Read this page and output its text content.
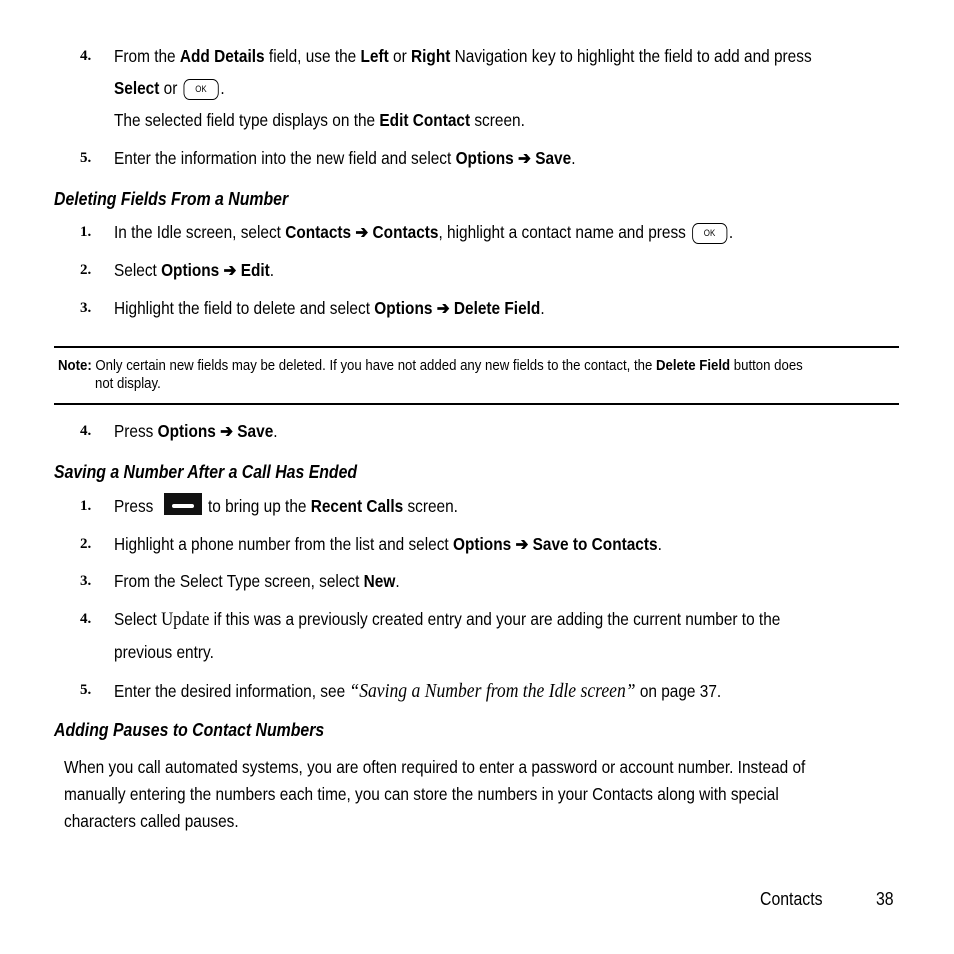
4. From the Add Details field, use the Left or Right Navigation key to highlight the field to add and press
Select or OK .
The selected field type displays on the Edit Contact screen.
5. Enter the information into the new field and select Options ➔ Save.
Deleting Fields From a Number
1. In the Idle screen, select Contacts ➔ Contacts, highlight a contact name and press OK .
2. Select Options ➔ Edit.
3. Highlight the field to delete and select Options ➔ Delete Field.
Note: Only certain new fields may be deleted. If you have not added any new fields to the contact, the Delete Field button does
not display.
4. Press Options ➔ Save.
Saving a Number After a Call Has Ended
1. Press	to bring up the Recent Calls screen.
2. Highlight a phone number from the list and select Options ➔ Save to Contacts.
3. From the Select Type screen, select New.
4. Select Update if this was a previously created entry and your are adding the current number to the
previous entry.
5. Enter the desired information, see “Saving a Number from the Idle screen” on page 37.
Adding Pauses to Contact Numbers
When you call automated systems, you are often required to enter a password or account number. Instead of
manually entering the numbers each time, you can store the numbers in your Contacts along with special
characters called pauses.
Contacts	38
